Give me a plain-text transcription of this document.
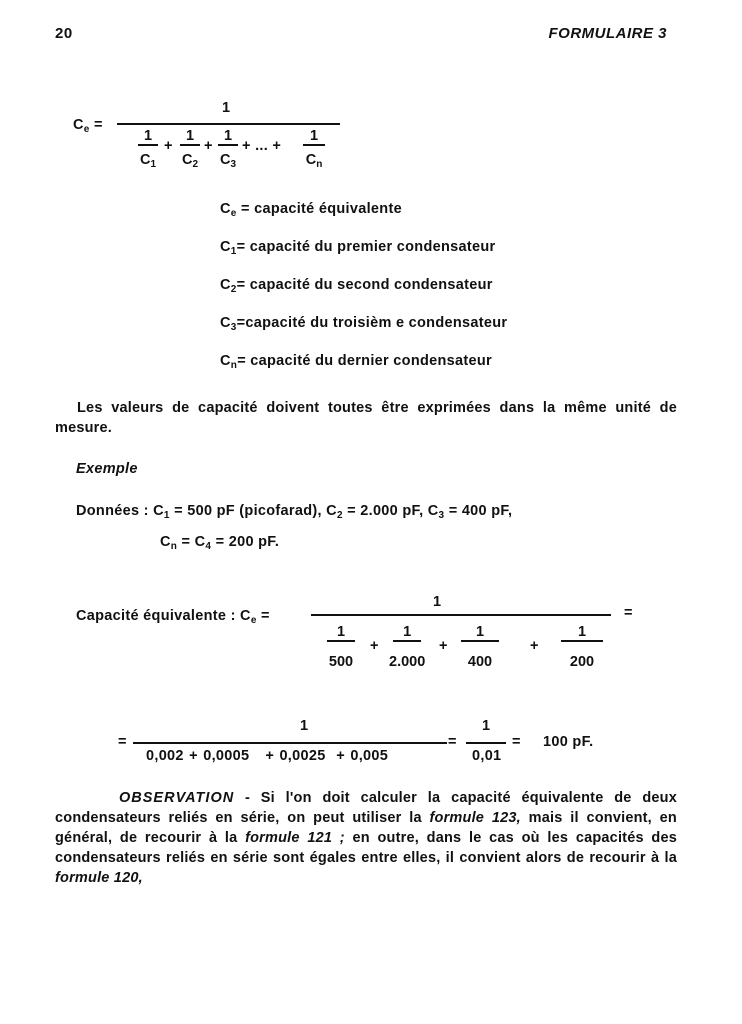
20	FORMULAIRE 3
$C_e$ =
1
1
$C_1$
+
1
$C_2$
+
1
$C_3$
+ ... +
1
$C_n$
$C_e$ = capacité équivalente
$C_1=$ capacité du premier condensateur
$C_2=$ capacité du second condensateur
$C_3=capacité$ du troisièm e condensateur
$C_n=$ capacité du dernier condensateur
Les valeurs de capacité doivent toutes être exprimées dans la même unité de mesure.
Exemple
Données : $C_1 = 500$ pF (picofarad), $C_2 = 2.000$ pF, $C_3 = 400$ pF,
$C_n = C_4 = 200$ pF.
Capacité équivalente : $C_e$ =
1
=
1
500
+
1
2.000
+
1
400
+
1
200
=
1
0,002 + 0,0005   + 0,0025  + 0,005
=
1
0,01
= 100 pF.
OBSERVATION - Si l'on doit calculer la capacité équivalente de deux condensateurs reliés en série, on peut utiliser la formule 123, mais il convient, en général, de recourir à la formule 121 ; en outre, dans le cas où les capacités des condensateurs reliés en série sont égales entre elles, il convient alors de recourir à la formule 120,
